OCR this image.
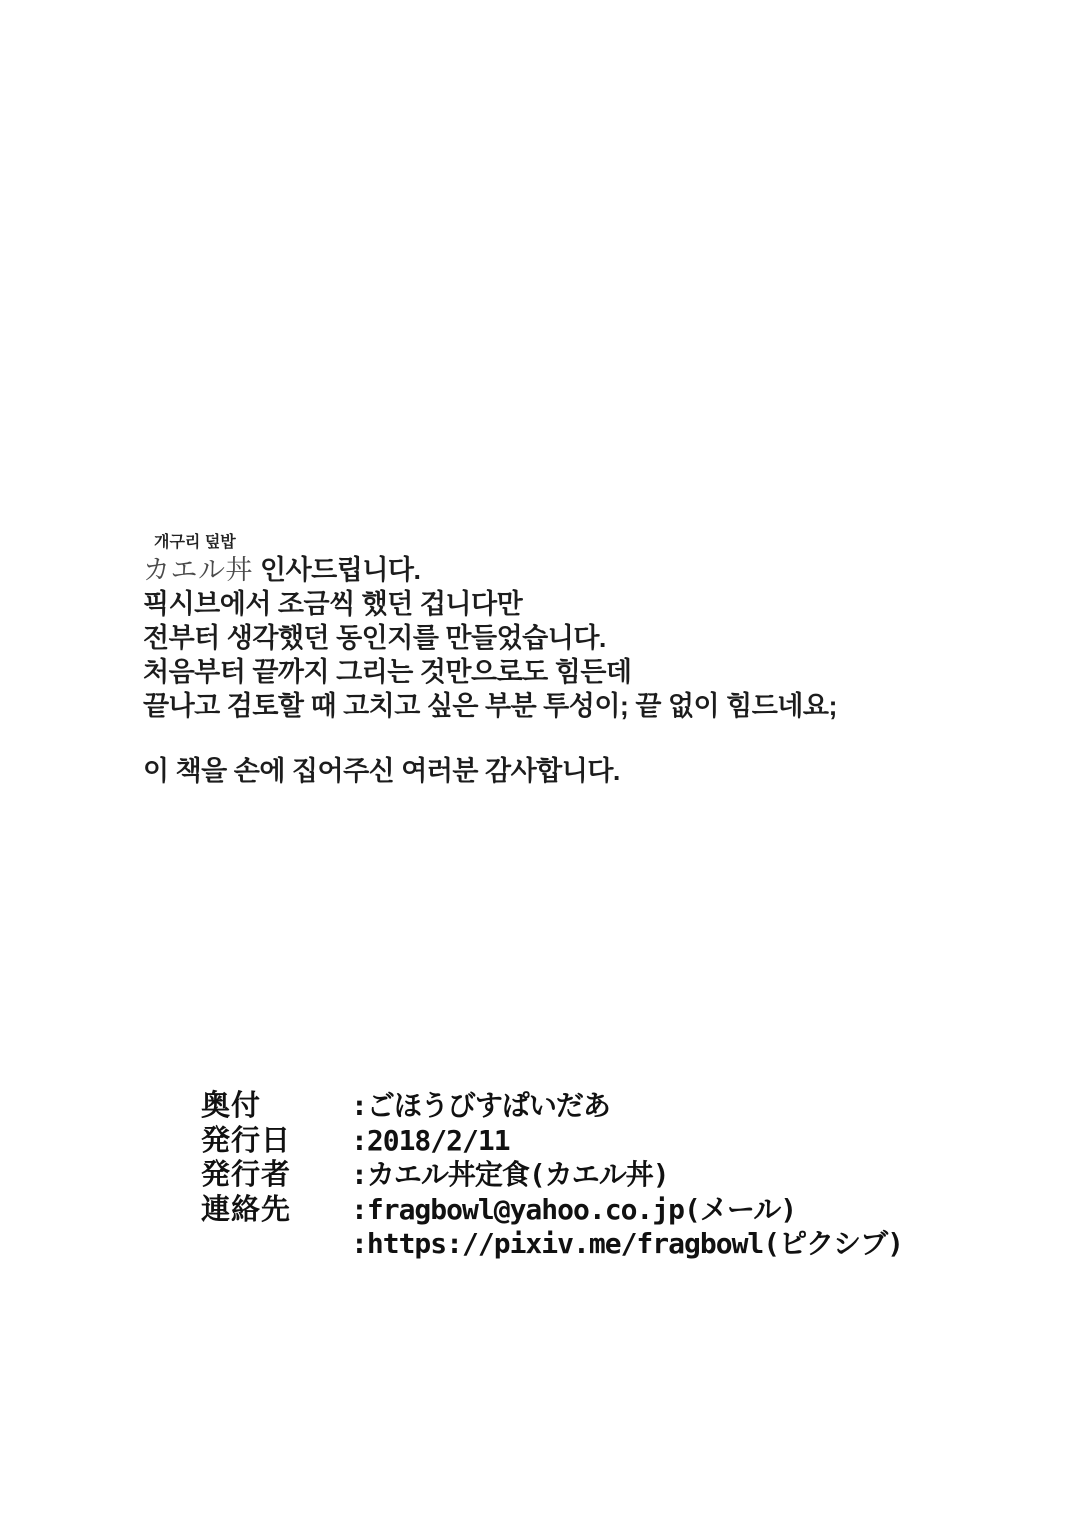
개구리 덮밥
カエル丼 인사드립니다.
픽시브에서 조금씩 했던 겁니다만
전부터 생각했던 동인지를 만들었습니다.
처음부터 끝까지 그리는 것만으로도 힘든데
끝나고 검토할 때 고치고 싶은 부분 투성이; 끝 없이 힘드네요;
이 책을 손에 집어주신 여러분 감사합니다.
奥付	:ごほうびすぱいだあ
発行日	:2018/2/11
発行者	:カエル丼定食(カエル丼)
連絡先	:fragbowl@yahoo.co.jp(メール)
:https://pixiv.me/fragbowl(ピクシブ)
